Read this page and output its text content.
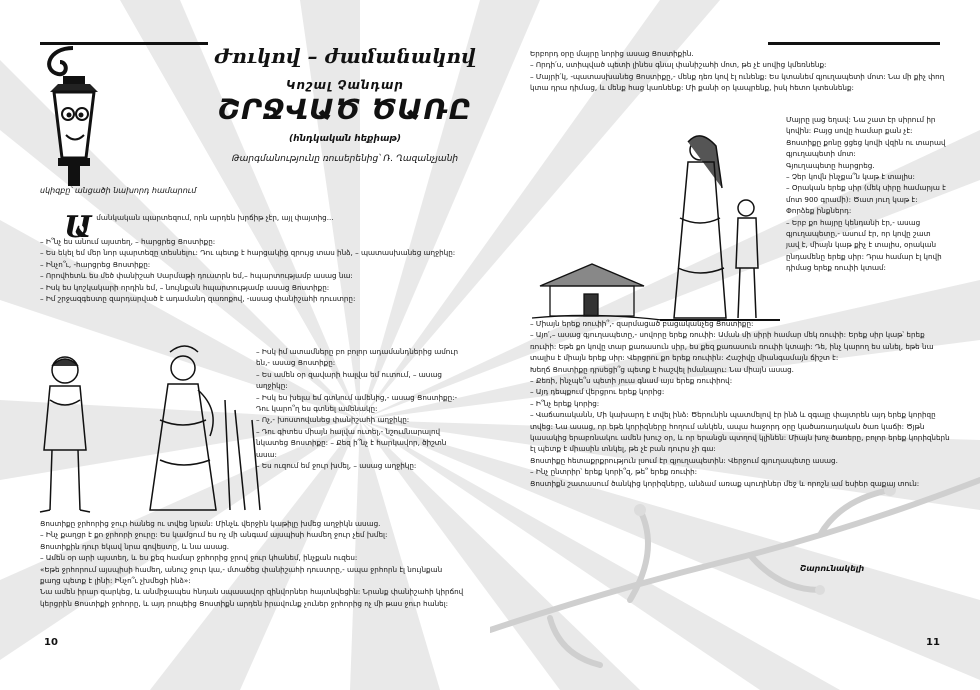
Ժուկով – ժամանակով
Կոշալ Չանդար
ՇՐՋՎԱԾ ԾԱՌԸ
(հնդկական հեքիաթ)
Թարգմանությունը ռուսերենից՝ Ռ. Ղազանչյանի
սկիզբը՝ անցածի նախորդ համարում
Ա մանկական պարտեզում, որն արդեն խրճիթ չէր, այլ փայտից...

– Ի՞նչ ես անում այստեղ, – հարցրեց Ցոստիքը:

– Ես եկել եմ մեր նոր պարտեզը տեսնելու: Դու պետք է հարցակից զրույց տաս ինձ, – պատասխանեց աղջիկը:

– Ինչո՞ւ, -հարցրեց Ցոստիքը:

– Որովհետև ես մեծ փանիշահ Սարմաթի դուստրն եմ,– հպարտությամբ ասաց նա:

– Իսկ ես կոշկակարի որդին եմ, – նույնքան հպարտությամբ ասաց Ցոստիքը:

– Իմ շրջազգեստը զարդարված է ադամանդ զառոքով, -ասաց փանիշահի դուստրը:

– Իսկ իմ ատամները բո բոլոր ադամանդներից ամուր են,- ասաց Ցոստիքը:

– Ես ամեն օր զավարի հալվա եմ ուտում, – ասաց աղջիկը:

– Իսկ ես խելա եմ գտնում ամենից,- ասաց Ցոստիքը:- Դու կարո՞ղ ես գտնել ամենակը:

– Ոչ,- խոստովանեց փանիշահի աղջիկը:

– Դու գիտես միայն հալվա ուտել,- նշումնարալով նկատեց Ցոստիքը: – Քեզ ի՞նչ է հարկավոր, ծիշտն ասա:

– Ես ուզում եմ ջուր խմել, – ասաց աղջիկը:

Ցոստիքը ջրհորից ջուր հանեց ու տվեց նրան: Մինչև վերջին կաթիլը խմեց աղջիկն ասաց.

– Ինչ քաղցր է քո ջրհորի ջուրը: Ես կամցում ես ոչ մի անգամ այսպիսի համեղ ջուր չեմ խմել:

Ցոստիքին դուր եկավ նրա գովեստը, և նա ասաց.

– Ամեն օր արի այստեղ, և ես քեզ համար ջրհորից ջրով ջուր կհանեմ, ինչքան ուզես:

«Եթե ջրհորում այսպիսի համեղ, անուշ ջուր կա,- մտածեց փանիշահի դուստրը,- ապա ջրհորն էլ նույնքան քաղց պետք է լինի: Ինչո՞ւ չխմեցի ինձ»:

Նա ամեն իրար զարկեց, և անմիջապես հնդան սպասավոր զինվորներ հայտնվեցին: Նրանք փանիշահի կիրճով կերցրին Ցոստիքի ջրհորը, և այդ րոպեից Ցոստիքն արդեն իրավունք չուներ ջրհորից ոչ մի թաս ջուր հանել:

10

Երբորդ օրը մայրը նորից ասաց Ցոստիքին.

– Որդի՛ս, ստիպված պետի լինես գնալ փանիշահի մոտ, թե չէ սովից կմեռնենք:

– Մայրի՛կ, -պատասխանեց Ցոստիքը,- մենք դեռ կով էլ ունենք: Ես կտանեմ գյուղապետի մոտ: Նա մի քիչ փող կտա դրա դիմաց, և մենք հաց կառնենք: Մի քանի օր կապրենք, իսկ հետո կտեսնենք:

Մայրը լաց եղավ: Նա շատ էր սիրում իր կովին: Բայց սովը համար քան չէ:

Ցոստիքը քոնը ցցեց կովի վզին ու տարավ գյուղապետի մոտ:

Գյուղապետը հարցրեց.

– Չեր կովն ինչքա՞ն կաթ է տալիս:

– Օրական երեք սիր (մեկ սիրը համարյա է մոտ 900 գրամի): Ծատ յուղ կաթ է:

Փորձեք ինքներդ:

– Երբ քո հայրը կենդանի էր,- ասաց գյուղապետը,- ասում էր, որ կովը շատ յավ է, միայն կաթ քիչ է տալիս, օրական ընդամենը երեք սիր: Դրա համար էլ կովի դիմաց երեք ռուփի կտամ:

– Միայն երեք ռուփի՞,- զարմացած բացականչեց Ցոստիքը:

– Այո՛,– ասաց գյուղապետը,- սովորը երեք ռուփի: Աման մի սիրի համար մեկ ռուփի: Երեք սիր կաթ՝ երեք ռուփի: Եթե քո կովը տար քառասուն սիր, ես քեզ քառասուն ռուփի կտայի: Դե, ինչ կարող ես անել, եթե նա տալիս է միայն երեք սիր: Վերցրու քո երեք ռուփին: Հաշիվը միանգամայն ճիշտ է:

Խեղճ Ցոստիքը դրսեցի՞ց պետք է հաշվել իմանալու: Նա միայն ասաց.

– Քեռի, ինչպե՞ս պետի յուա գնամ այս երեք ռուփիով:

– Այդ դեպքում վերցրու երեք կորից:

– Ի՞նչ երեք կորից:

– Վաճառականն, Մի կախարդ է տվել ինձ: Ծերունին պատմելով էր ինձ և զգալը փայտրեն այդ երեք կորիզը տվեց: Նա ասաց, որ եթե կորիզները հողում անկեն, ապա հաջորդ օրը կածառադական ծառ կաճի: Ծյթն կասակից երաբռնակու ամեն խուշ օր, և որ երանցն պտղով կլինեն: Միայն խոչ ծառերը, բոլոր երեք կորիզներն էլ պետք է միասին տնկել, թե չէ բան դուրս չի գա:

Ցոստիքը հետաքրքրություն լսում էր գյուղապետին: Վերջում գյուղապետը ասաց.

– Ինչ ընտրիր՝ երեք կորի՞զ, թե՞ երեք ռուփի:

Ցոստիքն շատասում ծանկից կորիզները, անձամ առաք պուղիներ մեջ և որոշն ամ եսիեր զաքայ տուն:

Շարունակելի
11
